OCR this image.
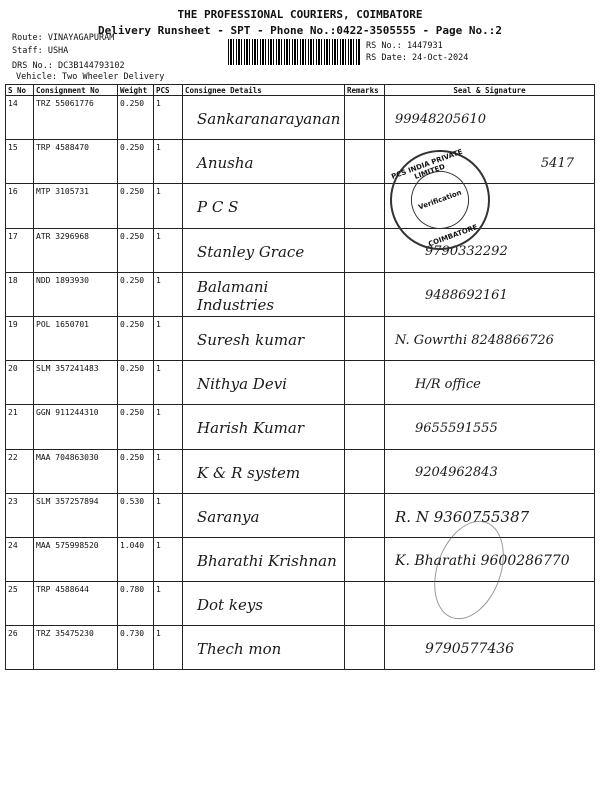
THE PROFESSIONAL COURIERS, COIMBATORE
Delivery Runsheet - SPT - Phone No.:0422-3505555 - Page No.:2
Route: VINAYAGAPURAM
Staff: USHA
DRS No.: DC3B144793102
Vehicle: Two Wheeler Delivery
RS No.: 1447931
RS Date: 24-Oct-2024
S No	Consignment No	Weight	PCS	Consignee Details	Remarks	Seal & Signature
14	TRZ 55061776	0.250	1	Sankaranarayanan		99948205610
15	TRP 4588470	0.250	1	Anusha		5417
16	MTP 3105731	0.250	1	P C S		
17	ATR 3296968	0.250	1	Stanley Grace		9790332292
18	NDD 1893930	0.250	1	Balamani Industries		9488692161
19	POL 1650701	0.250	1	Suresh kumar		N. Gowrthi 8248866726
20	SLM 357241483	0.250	1	Nithya Devi		H/R office
21	GGN 911244310	0.250	1	Harish Kumar		9655591555
22	MAA 704863030	0.250	1	K & R system		9204962843
23	SLM 357257894	0.530	1	Saranya		R. N 9360755387
24	MAA 575998520	1.040	1	Bharathi Krishnan		K. Bharathi 9600286770
25	TRP 4588644	0.780	1	Dot keys		
26	TRZ 35475230	0.730	1	Thech mon		9790577436
PCS INDIA PRIVATE LIMITED
Verification
COIMBATORE
